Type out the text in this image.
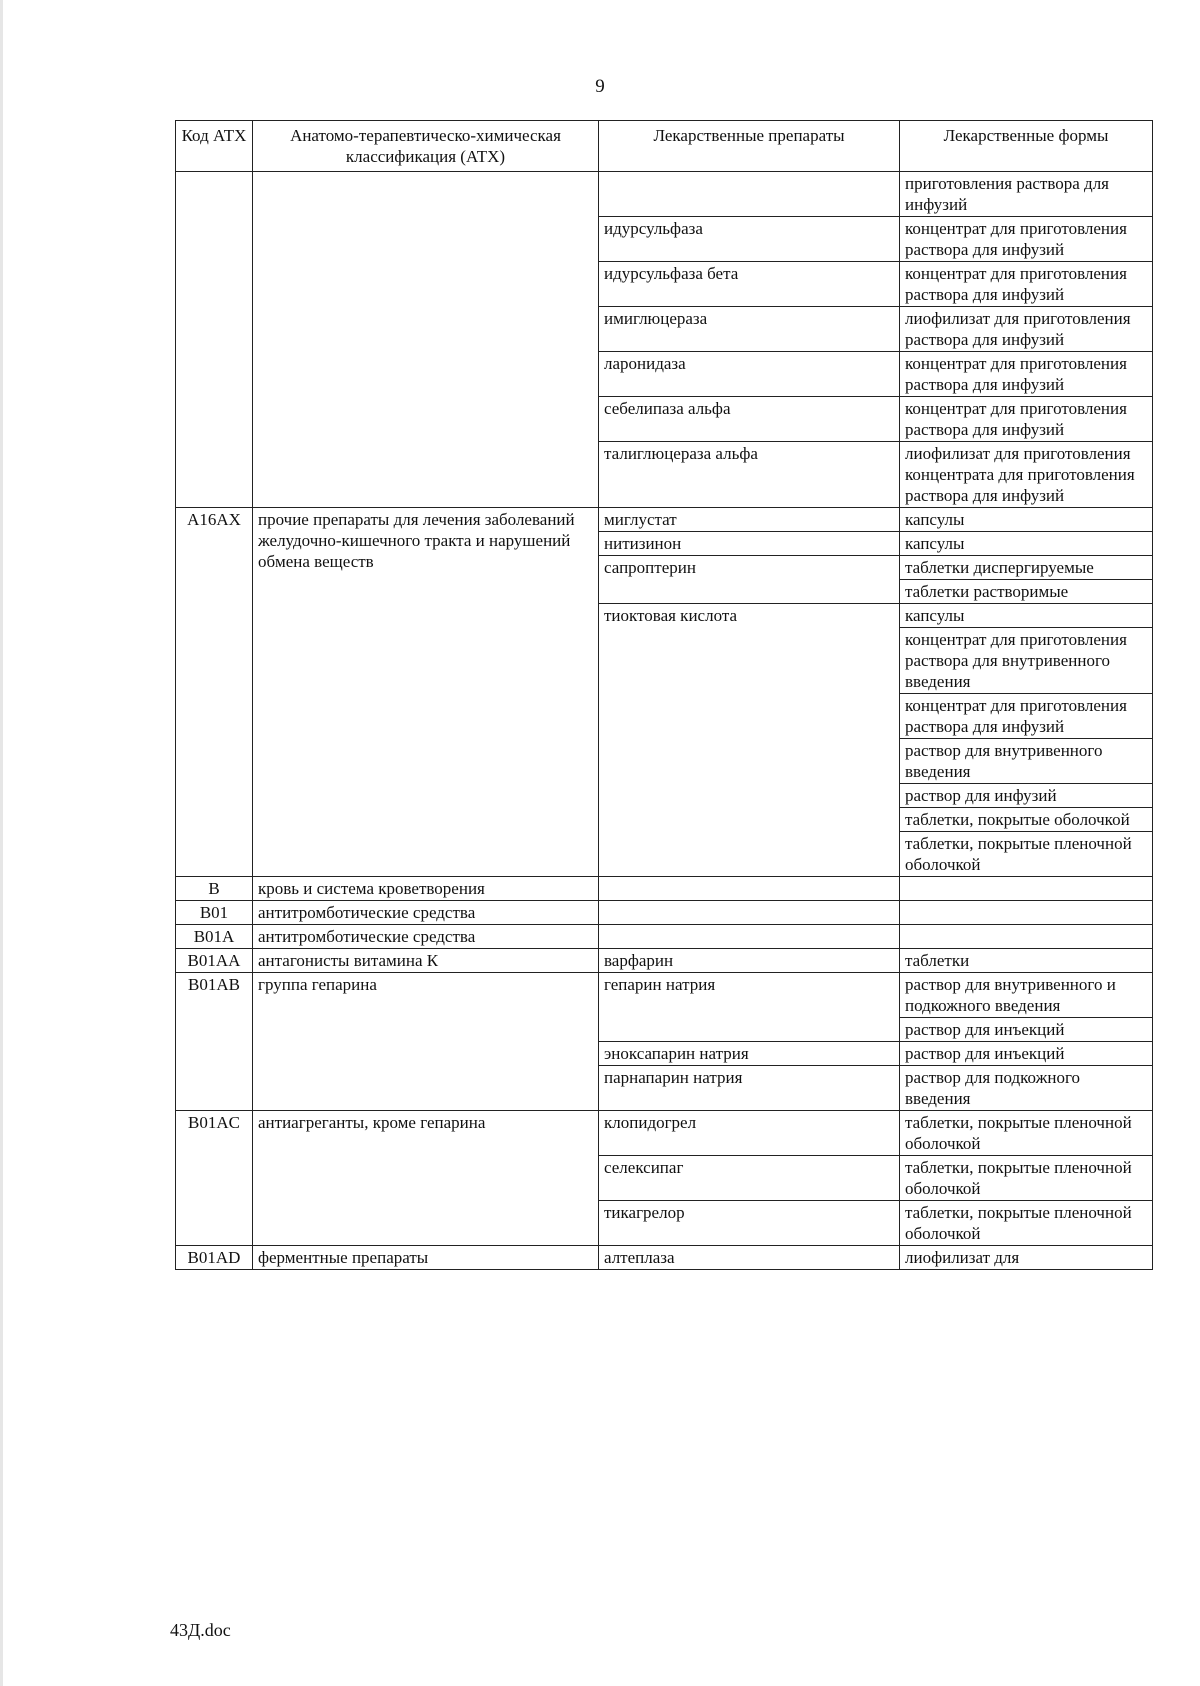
9
Код АТХ	Анатомо-терапевтическо-химическая классификация (АТХ)	Лекарственные препараты	Лекарственные формы
			приготовления раствора для инфузий
		идурсульфаза	концентрат для приготовления раствора для инфузий
		идурсульфаза бета	концентрат для приготовления раствора для инфузий
		имиглюцераза	лиофилизат для приготовления раствора для инфузий
		ларонидаза	концентрат для приготовления раствора для инфузий
		себелипаза альфа	концентрат для приготовления раствора для инфузий
		талиглюцераза альфа	лиофилизат для приготовления концентрата для приготовления раствора для инфузий
A16AX	прочие препараты для лечения заболеваний желудочно-кишечного тракта и нарушений обмена веществ	миглустат	капсулы
		нитизинон	капсулы
		сапроптерин	таблетки диспергируемые
			таблетки растворимые
		тиоктовая кислота	капсулы
			концентрат для приготовления раствора для внутривенного введения
			концентрат для приготовления раствора для инфузий
			раствор для внутривенного введения
			раствор для инфузий
			таблетки, покрытые оболочкой
			таблетки, покрытые пленочной оболочкой
B	кровь и система кроветворения		
B01	антитромботические средства		
B01A	антитромботические средства		
B01AA	антагонисты витамина К	варфарин	таблетки
B01AB	группа гепарина	гепарин натрия	раствор для внутривенного и подкожного введения
			раствор для инъекций
		эноксапарин натрия	раствор для инъекций
		парнапарин натрия	раствор для подкожного введения
B01AC	антиагреганты, кроме гепарина	клопидогрел	таблетки, покрытые пленочной оболочкой
		селексипаг	таблетки, покрытые пленочной оболочкой
		тикагрелор	таблетки, покрытые пленочной оболочкой
B01AD	ферментные препараты	алтеплаза	лиофилизат для
43Д.doc
